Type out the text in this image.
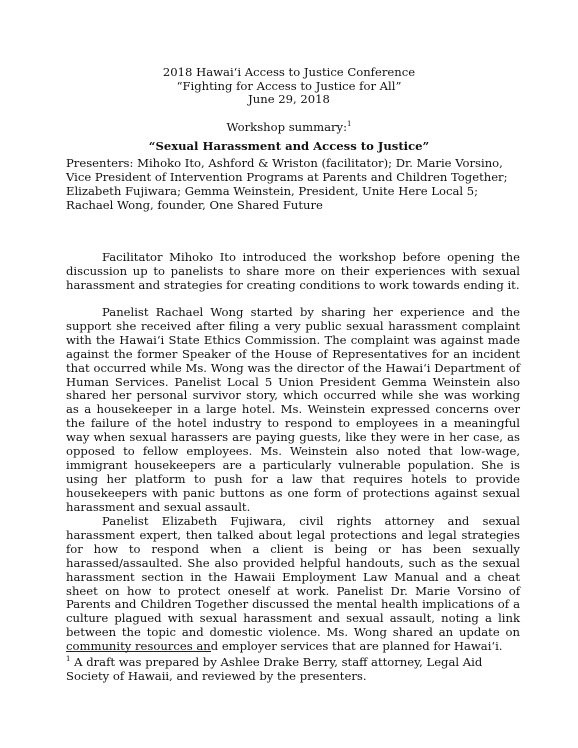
2018 Hawaiʻi Access to Justice Conference
“Fighting for Access to Justice for All”
June 29, 2018
Workshop summary:$^1$
“Sexual Harassment and Access to Justice”
Presenters: Mihoko Ito, Ashford & Wriston (facilitator); Dr. Marie Vorsino, Vice President of Intervention Programs at Parents and Children Together; Elizabeth Fujiwara; Gemma Weinstein, President, Unite Here Local 5; Rachael Wong, founder, One Shared Future

Facilitator Mihoko Ito introduced the workshop before opening the discussion up to panelists to share more on their experiences with sexual harassment and strategies for creating conditions to work towards ending it.

Panelist Rachael Wong started by sharing her experience and the support she received after filing a very public sexual harassment complaint with the Hawaiʻi State Ethics Commission. The complaint was against made against the former Speaker of the House of Representatives for an incident that occurred while Ms. Wong was the director of the Hawaiʻi Department of Human Services. Panelist Local 5 Union President Gemma Weinstein also shared her personal survivor story, which occurred while she was working as a housekeeper in a large hotel. Ms. Weinstein expressed concerns over the failure of the hotel industry to respond to employees in a meaningful way when sexual harassers are paying guests, like they were in her case, as opposed to fellow employees. Ms. Weinstein also noted that low-wage, immigrant housekeepers are a particularly vulnerable population. She is using her platform to push for a law that requires hotels to provide housekeepers with panic buttons as one form of protections against sexual harassment and sexual assault.

Panelist Elizabeth Fujiwara, civil rights attorney and sexual harassment expert, then talked about legal protections and legal strategies for how to respond when a client is being or has been sexually harassed/assaulted. She also provided helpful handouts, such as the sexual harassment section in the Hawaii Employment Law Manual and a cheat sheet on how to protect oneself at work. Panelist Dr. Marie Vorsino of Parents and Children Together discussed the mental health implications of a culture plagued with sexual harassment and sexual assault, noting a link between the topic and domestic violence. Ms. Wong shared an update on community resources and employer services that are planned for Hawaiʻi.

$^1$ A draft was prepared by Ashlee Drake Berry, staff attorney, Legal Aid Society of Hawaii, and reviewed by the presenters.
